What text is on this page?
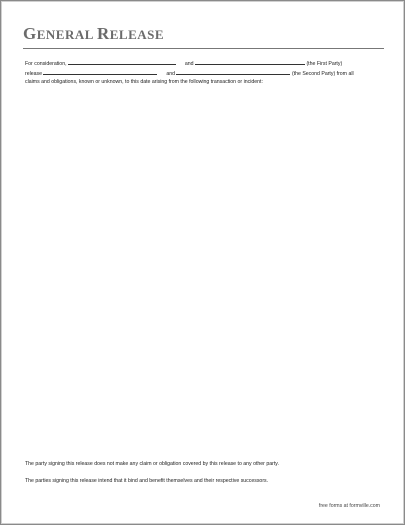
GENERAL RELEASE
For consideration,	and	(the First Party)
release	and	(the Second Party) from all
claims and obligations, known or unknown, to this date arising from the following transaction or incident:
The party signing this release does not make any claim or obligation covered by this release to any other party.
The parties signing this release intend that it bind and benefit themselves and their respective successors.
free forms at formville.com
